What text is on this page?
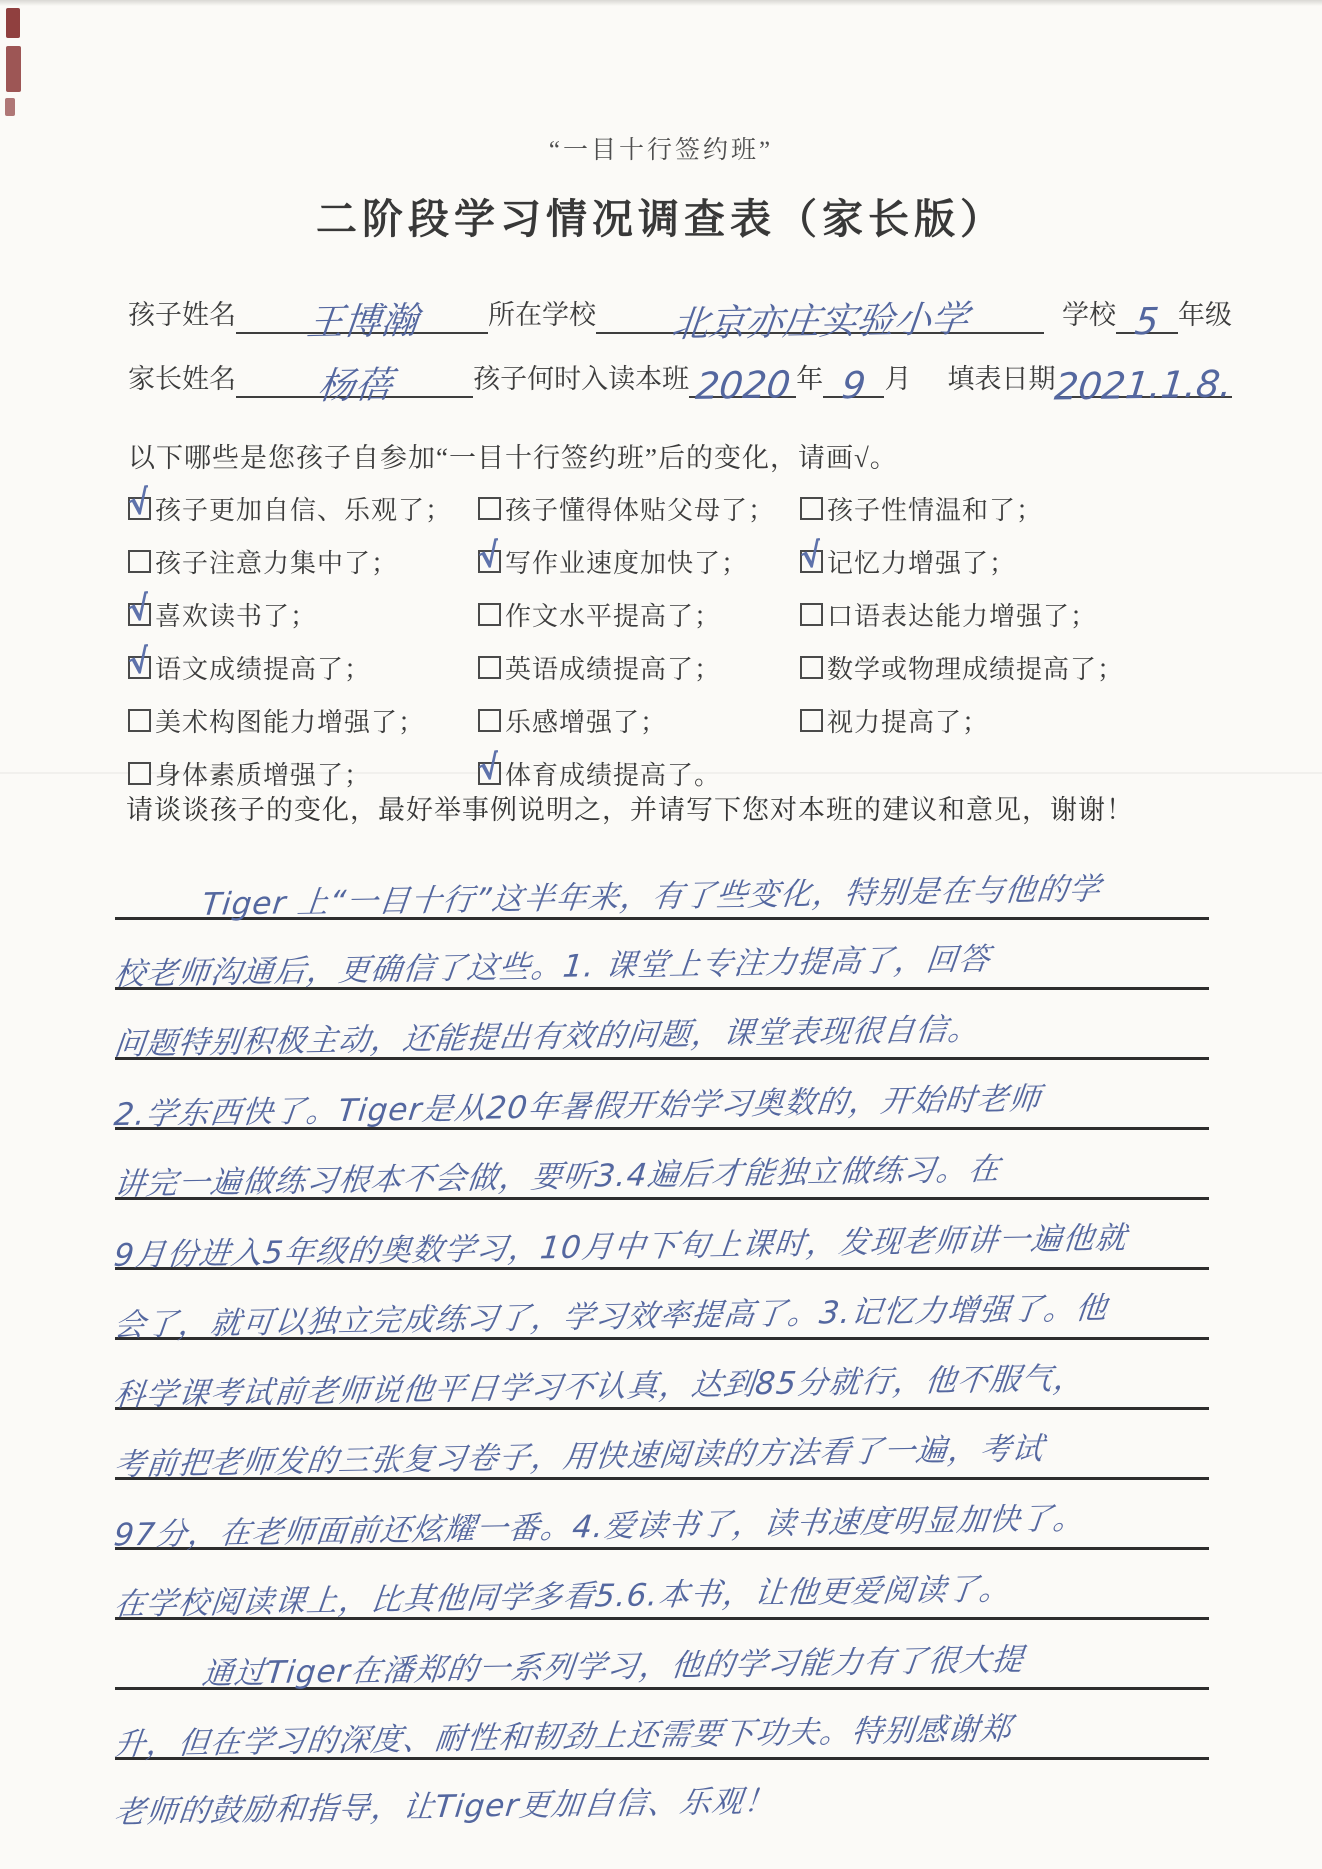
“一目十行签约班”
二阶段学习情况调查表（家长版）
孩子姓名 王博瀚	所在学校 北京亦庄实验小学	学校 5 年级
家长姓名 杨蓓	孩子何时入读本班 2020 年 9 月 填表日期
2021.1.8.
以下哪些是您孩子自参加“一目十行签约班”后的变化，请画√。
√ 孩子更加自信、乐观了； 孩子懂得体贴父母了； 孩子性情温和了；
孩子注意力集中了； √ 写作业速度加快了； √ 记忆力增强了；
√ 喜欢读书了；	作文水平提高了；	口语表达能力增强了；
√ 语文成绩提高了；	英语成绩提高了；	数学或物理成绩提高了；
美术构图能力增强了；	乐感增强了；	视力提高了；
身体素质增强了；	√ 体育成绩提高了。
请谈谈孩子的变化，最好举事例说明之，并请写下您对本班的建议和意见，谢谢！
Tiger 上“一目十行”这半年来，有了些变化，特别是在与他的学
校老师沟通后，更确信了这些。1. 课堂上专注力提高了，回答
问题特别积极主动，还能提出有效的问题，课堂表现很自信。
2.学东西快了。Tiger是从20年暑假开始学习奥数的，开始时老师
讲完一遍做练习根本不会做，要听3.4遍后才能独立做练习。在
9月份进入5年级的奥数学习，10月中下旬上课时，发现老师讲一遍他就
会了，就可以独立完成练习了，学习效率提高了。3.记忆力增强了。他
科学课考试前老师说他平日学习不认真，达到85分就行，他不服气，
考前把老师发的三张复习卷子，用快速阅读的方法看了一遍，考试
97分，在老师面前还炫耀一番。4.爱读书了，读书速度明显加快了。
在学校阅读课上，比其他同学多看5.6.本书，让他更爱阅读了。
通过Tiger在潘郑的一系列学习，他的学习能力有了很大提
升，但在学习的深度、耐性和韧劲上还需要下功夫。特别感谢郑
老师的鼓励和指导，让Tiger更加自信、乐观！
